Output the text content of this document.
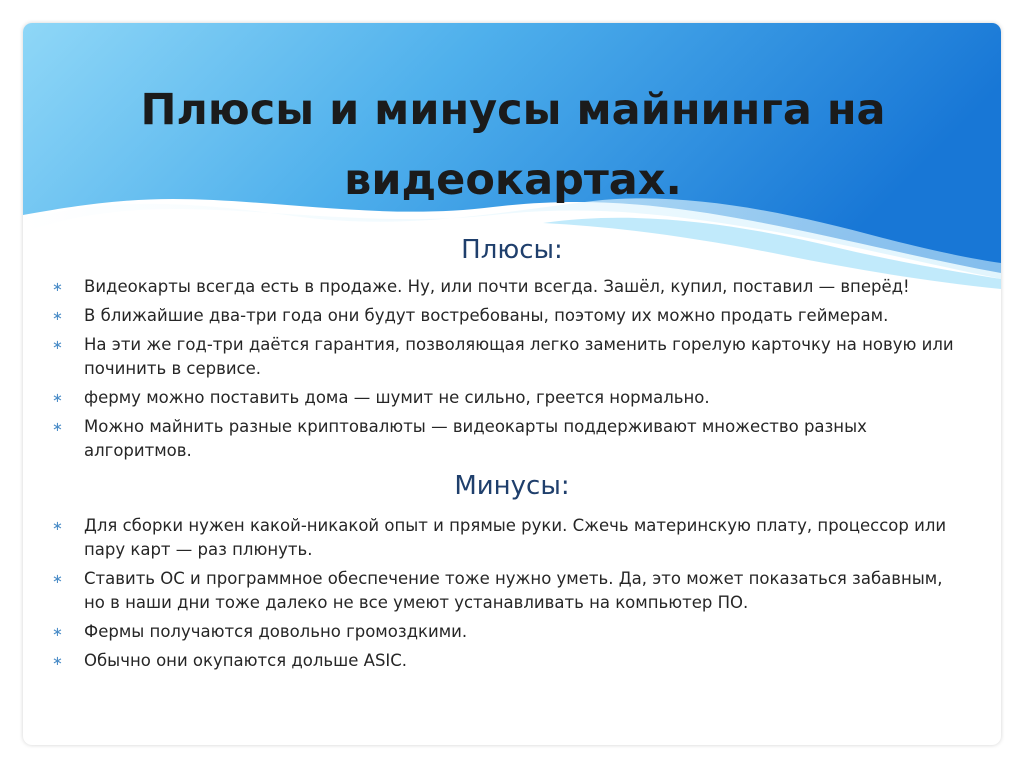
Плюсы и минусы майнинга на
видеокартах.
Плюсы:
∗ Видеокарты всегда есть в продаже. Ну, или почти всегда. Зашёл, купил, поставил — вперёд!
∗ В ближайшие два-три года они будут востребованы, поэтому их можно продать геймерам.
∗ На эти же год-три даётся гарантия, позволяющая легко заменить горелую карточку на новую или починить в сервисе.
∗ ферму можно поставить дома — шумит не сильно, греется нормально.
∗ Можно майнить разные криптовалюты — видеокарты поддерживают множество разных алгоритмов.
Минусы:
∗ Для сборки нужен какой-никакой опыт и прямые руки. Сжечь материнскую плату, процессор или пару карт — раз плюнуть.
∗ Ставить ОС и программное обеспечение тоже нужно уметь. Да, это может показаться забавным, но в наши дни тоже далеко не все умеют устанавливать на компьютер ПО.
∗ Фермы получаются довольно громоздкими.
∗ Обычно они окупаются дольше ASIC.
